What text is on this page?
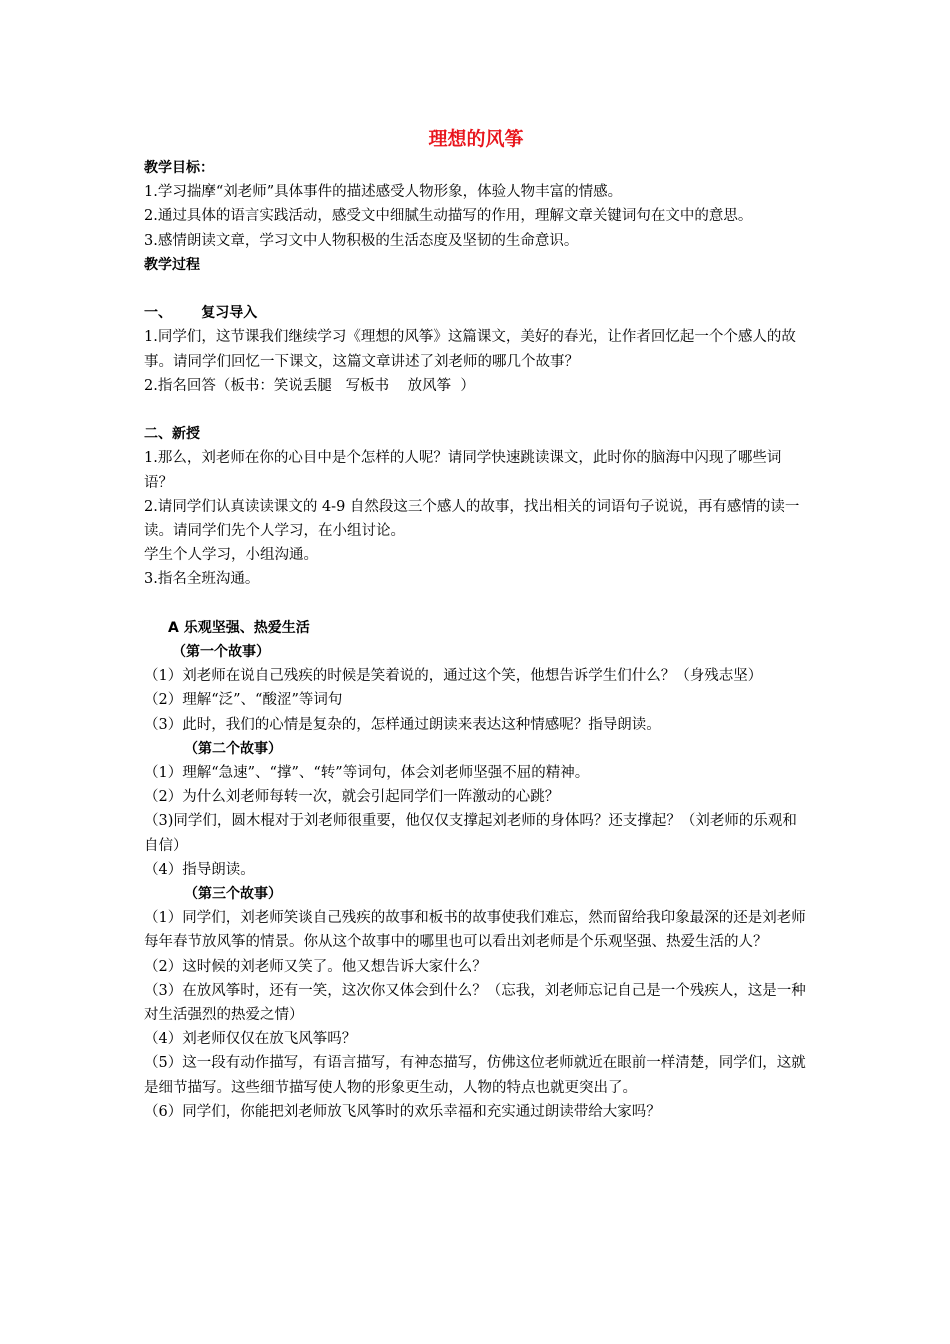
理想的风筝

教学目标：

1.学习揣摩“刘老师”具体事件的描述感受人物形象，体验人物丰富的情感。

2.通过具体的语言实践活动，感受文中细腻生动描写的作用，理解文章关键词句在文中的意思。

3.感情朗读文章，学习文中人物积极的生活态度及坚韧的生命意识。

教学过程

一、      复习导入

1.同学们，这节课我们继续学习《理想的风筝》这篇课文，美好的春光，让作者回忆起一个个感人的故事。请同学们回忆一下课文，这篇文章讲述了刘老师的哪几个故事？

2.指名回答（板书：笑说丢腿   写板书    放风筝  ）

二、新授

1.那么，刘老师在你的心目中是个怎样的人呢？请同学快速跳读课文，此时你的脑海中闪现了哪些词语？

2.请同学们认真读读课文的 4-9 自然段这三个感人的故事，找出相关的词语句子说说，再有感情的读一读。请同学们先个人学习，在小组讨论。

学生个人学习，小组沟通。

3.指名全班沟通。

A 乐观坚强、热爱生活

（第一个故事）

（1）刘老师在说自己残疾的时候是笑着说的，通过这个笑，他想告诉学生们什么？（身残志坚）

（2）理解“泛”、“酸涩”等词句

（3）此时，我们的心情是复杂的，怎样通过朗读来表达这种情感呢？指导朗读。

（第二个故事）

（1）理解“急速”、“撑”、“转”等词句，体会刘老师坚强不屈的精神。

（2）为什么刘老师每转一次，就会引起同学们一阵激动的心跳？

（3)同学们，圆木棍对于刘老师很重要，他仅仅支撑起刘老师的身体吗？还支撑起？（刘老师的乐观和自信）

（4）指导朗读。

（第三个故事）

（1）同学们，刘老师笑谈自己残疾的故事和板书的故事使我们难忘，然而留给我印象最深的还是刘老师每年春节放风筝的情景。你从这个故事中的哪里也可以看出刘老师是个乐观坚强、热爱生活的人？

（2）这时候的刘老师又笑了。他又想告诉大家什么？

（3）在放风筝时，还有一笑，这次你又体会到什么？（忘我，刘老师忘记自己是一个残疾人，这是一种对生活强烈的热爱之情）

（4）刘老师仅仅在放飞风筝吗？

（5）这一段有动作描写，有语言描写，有神态描写，仿佛这位老师就近在眼前一样清楚，同学们，这就是细节描写。这些细节描写使人物的形象更生动，人物的特点也就更突出了。

（6）同学们，你能把刘老师放飞风筝时的欢乐幸福和充实通过朗读带给大家吗？
